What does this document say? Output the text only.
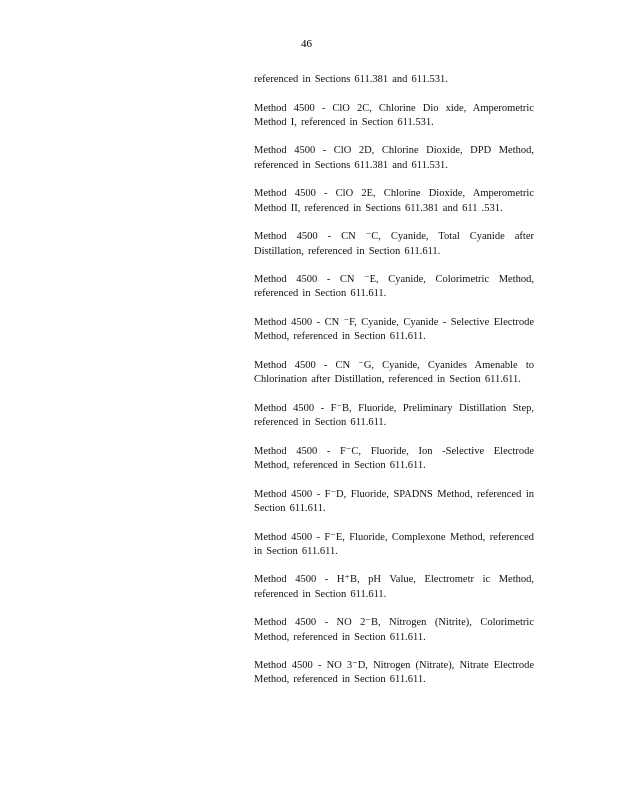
46

referenced in Sections 611.381 and 611.531.

Method 4500 - ClO 2C, Chlorine Dio xide, Amperometric Method I, referenced in Section 611.531.

Method 4500 - ClO 2D, Chlorine Dioxide, DPD Method, referenced in Sections 611.381 and 611.531.

Method 4500 - ClO 2E, Chlorine Dioxide, Amperometric Method II, referenced in Sections 611.381 and 611 .531.

Method 4500 - CN ⁻C, Cyanide, Total Cyanide after Distillation, referenced in Section 611.611.

Method 4500 - CN ⁻E, Cyanide, Colorimetric Method, referenced in Section 611.611.

Method 4500 - CN ⁻F, Cyanide, Cyanide - Selective Electrode Method, referenced in Section 611.611.

Method 4500 - CN ⁻G, Cyanide, Cyanides Amenable to Chlorination after Distillation, referenced in Section 611.611.

Method 4500 - F⁻B, Fluoride, Preliminary Distillation Step, referenced in Section 611.611.

Method 4500 - F⁻C, Fluoride, Ion -Selective Electrode Method, referenced in Section 611.611.

Method 4500 - F⁻D, Fluoride, SPADNS Method, referenced in Section 611.611.

Method 4500 - F⁻E, Fluoride, Complexone Method, referenced in Section 611.611.

Method 4500 - H⁺B, pH Value, Electrometr ic Method, referenced in Section 611.611.

Method 4500 - NO 2⁻B, Nitrogen (Nitrite), Colorimetric Method, referenced in Section 611.611.

Method 4500 - NO 3⁻D, Nitrogen (Nitrate), Nitrate Electrode Method, referenced in Section 611.611.
